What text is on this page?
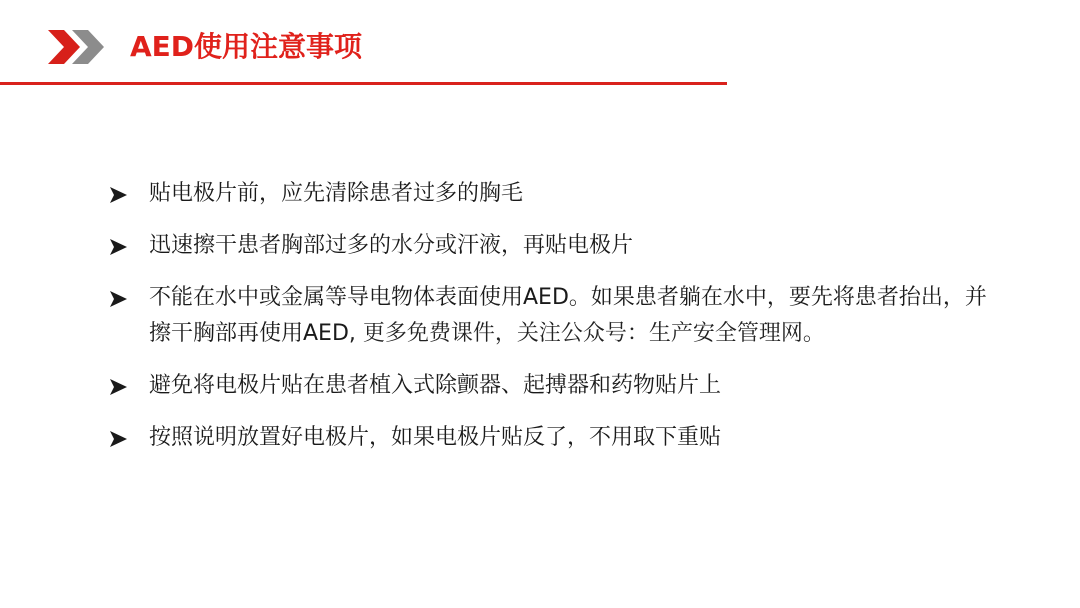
AED使用注意事项
贴电极片前，应先清除患者过多的胸毛
迅速擦干患者胸部过多的水分或汗液，再贴电极片
不能在水中或金属等导电物体表面使用AED。如果患者躺在水中，要先将患者抬出，并擦干胸部再使用AED, 更多免费课件，关注公众号：生产安全管理网。
避免将电极片贴在患者植入式除颤器、起搏器和药物贴片上
按照说明放置好电极片，如果电极片贴反了，不用取下重贴
